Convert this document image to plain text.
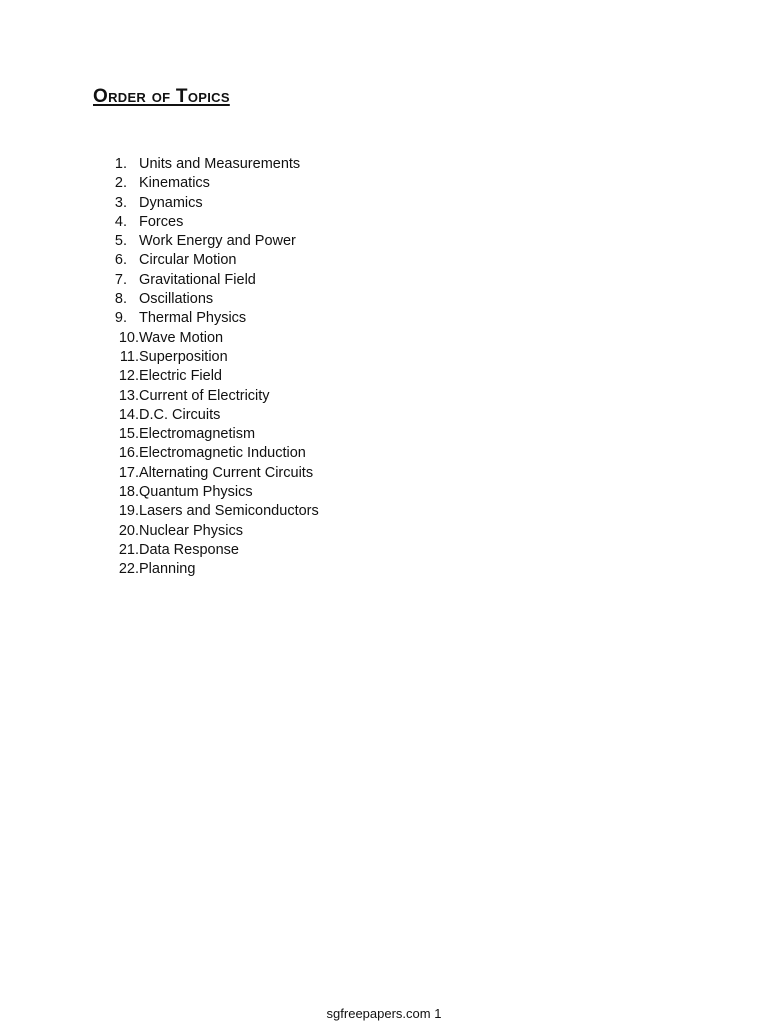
Order of Topics
1. Units and Measurements
2. Kinematics
3. Dynamics
4. Forces
5. Work Energy and Power
6. Circular Motion
7. Gravitational Field
8. Oscillations
9. Thermal Physics
10. Wave Motion
11. Superposition
12. Electric Field
13. Current of Electricity
14. D.C. Circuits
15. Electromagnetism
16. Electromagnetic Induction
17. Alternating Current Circuits
18. Quantum Physics
19. Lasers and Semiconductors
20. Nuclear Physics
21. Data Response
22. Planning
sgfreepapers.com 1
